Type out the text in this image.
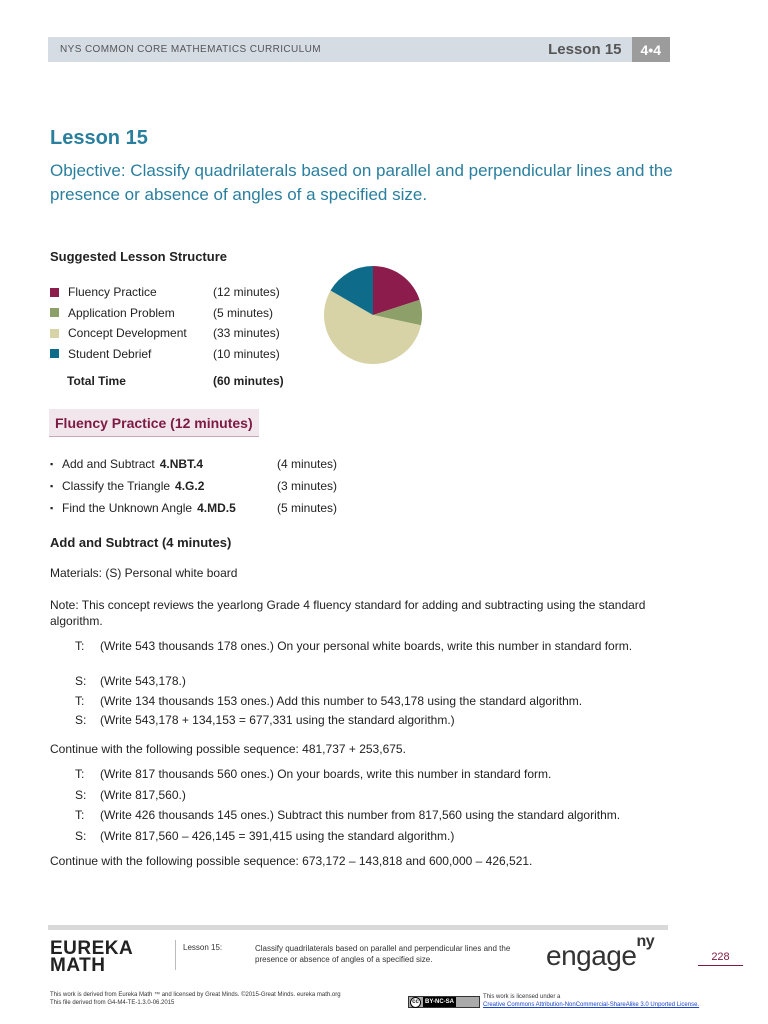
NYS COMMON CORE MATHEMATICS CURRICULUM	Lesson 15	4•4
Lesson 15

Objective: Classify quadrilaterals based on parallel and perpendicular lines and the presence or absence of angles of a specified size.

Suggested Lesson Structure
Fluency Practice	(12 minutes)
Application Problem	(5 minutes)
Concept Development	(33 minutes)
Student Debrief	(10 minutes)
Total Time	(60 minutes)
Fluency Practice (12 minutes)
▪ Add and Subtract 4.NBT.4	(4 minutes)
▪ Classify the Triangle 4.G.2	(3 minutes)
▪ Find the Unknown Angle 4.MD.5	(5 minutes)
Add and Subtract (4 minutes)

Materials: (S) Personal white board

Note: This concept reviews the yearlong Grade 4 fluency standard for adding and subtracting using the standard algorithm.

T: (Write 543 thousands 178 ones.) On your personal white boards, write this number in standard form.
S: (Write 543,178.)
T: (Write 134 thousands 153 ones.) Add this number to 543,178 using the standard algorithm.
S: (Write 543,178 + 134,153 = 677,331 using the standard algorithm.)

Continue with the following possible sequence: 481,737 + 253,675.

T: (Write 817 thousands 560 ones.) On your boards, write this number in standard form.
S: (Write 817,560.)
T: (Write 426 thousands 145 ones.) Subtract this number from 817,560 using the standard algorithm.
S: (Write 817,560 – 426,145 = 391,415 using the standard algorithm.)

Continue with the following possible sequence: 673,172 – 143,818 and 600,000 – 426,521.

EUREKA
MATH
Lesson 15:	Classify quadrilaterals based on parallel and perpendicular lines and the presence or absence of angles of a specified size.	engage$^{ny}$
228
This work is derived from Eureka Math ™ and licensed by Great Minds. ©2015-Great Minds. eureka math.org
This file derived from G4-M4-TE-1.3.0-06.2015	cc	BY-NC-SA
This work is licensed under a
Creative Commons Attribution-NonCommercial-ShareAlike 3.0 Unported License.
